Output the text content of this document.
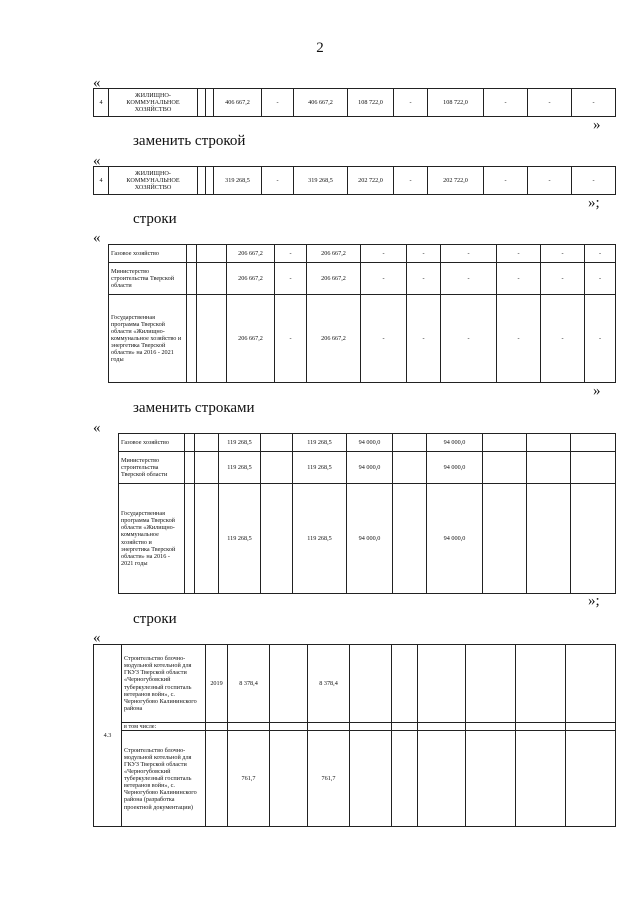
2
«
4	ЖИЛИЩНО-КОММУНАЛЬНОЕ ХОЗЯЙСТВО			406 667,2	-	406 667,2	108 722,0	-	108 722,0	-	-	-
»
заменить строкой
«
4	ЖИЛИЩНО-КОММУНАЛЬНОЕ ХОЗЯЙСТВО			319 268,5	-	319 268,5	202 722,0	-	202 722,0	-	-	-
»;
строки
«
Газовое хозяйство			206 667,2	-	206 667,2	-	-	-	-	-	-
Министерство строительства Тверской области			206 667,2	-	206 667,2	-	-	-	-	-	-
Государственная программа Тверской области «Жилищно-коммунальное хозяйство и энергетика Тверской области» на 2016 - 2021 годы			206 667,2	-	206 667,2	-	-	-	-	-	-
»
заменить строками
«
Газовое хозяйство			119 268,5		119 268,5	94 000,0		94 000,0			
Министерство строительства Тверской области			119 268,5		119 268,5	94 000,0		94 000,0			
Государственная программа Тверской области «Жилищно-коммунальное хозяйство и энергетика Тверской области» на 2016 - 2021 годы			119 268,5		119 268,5	94 000,0		94 000,0			
»;
строки
«
4.3	Строительство блочно-модульной котельной для ГКУЗ Тверской области «Черногубовский туберкулезный госпиталь ветеранов войн», с. Черногубово Калининского района	2019	8 378,4		8 378,4						
	в том числе:										
	Строительство блочно-модульной котельной для ГКУЗ Тверской области «Черногубовский туберкулезный госпиталь ветеранов войн», с. Черногубово Калининского района (разработка проектной документации)		761,7		761,7						
